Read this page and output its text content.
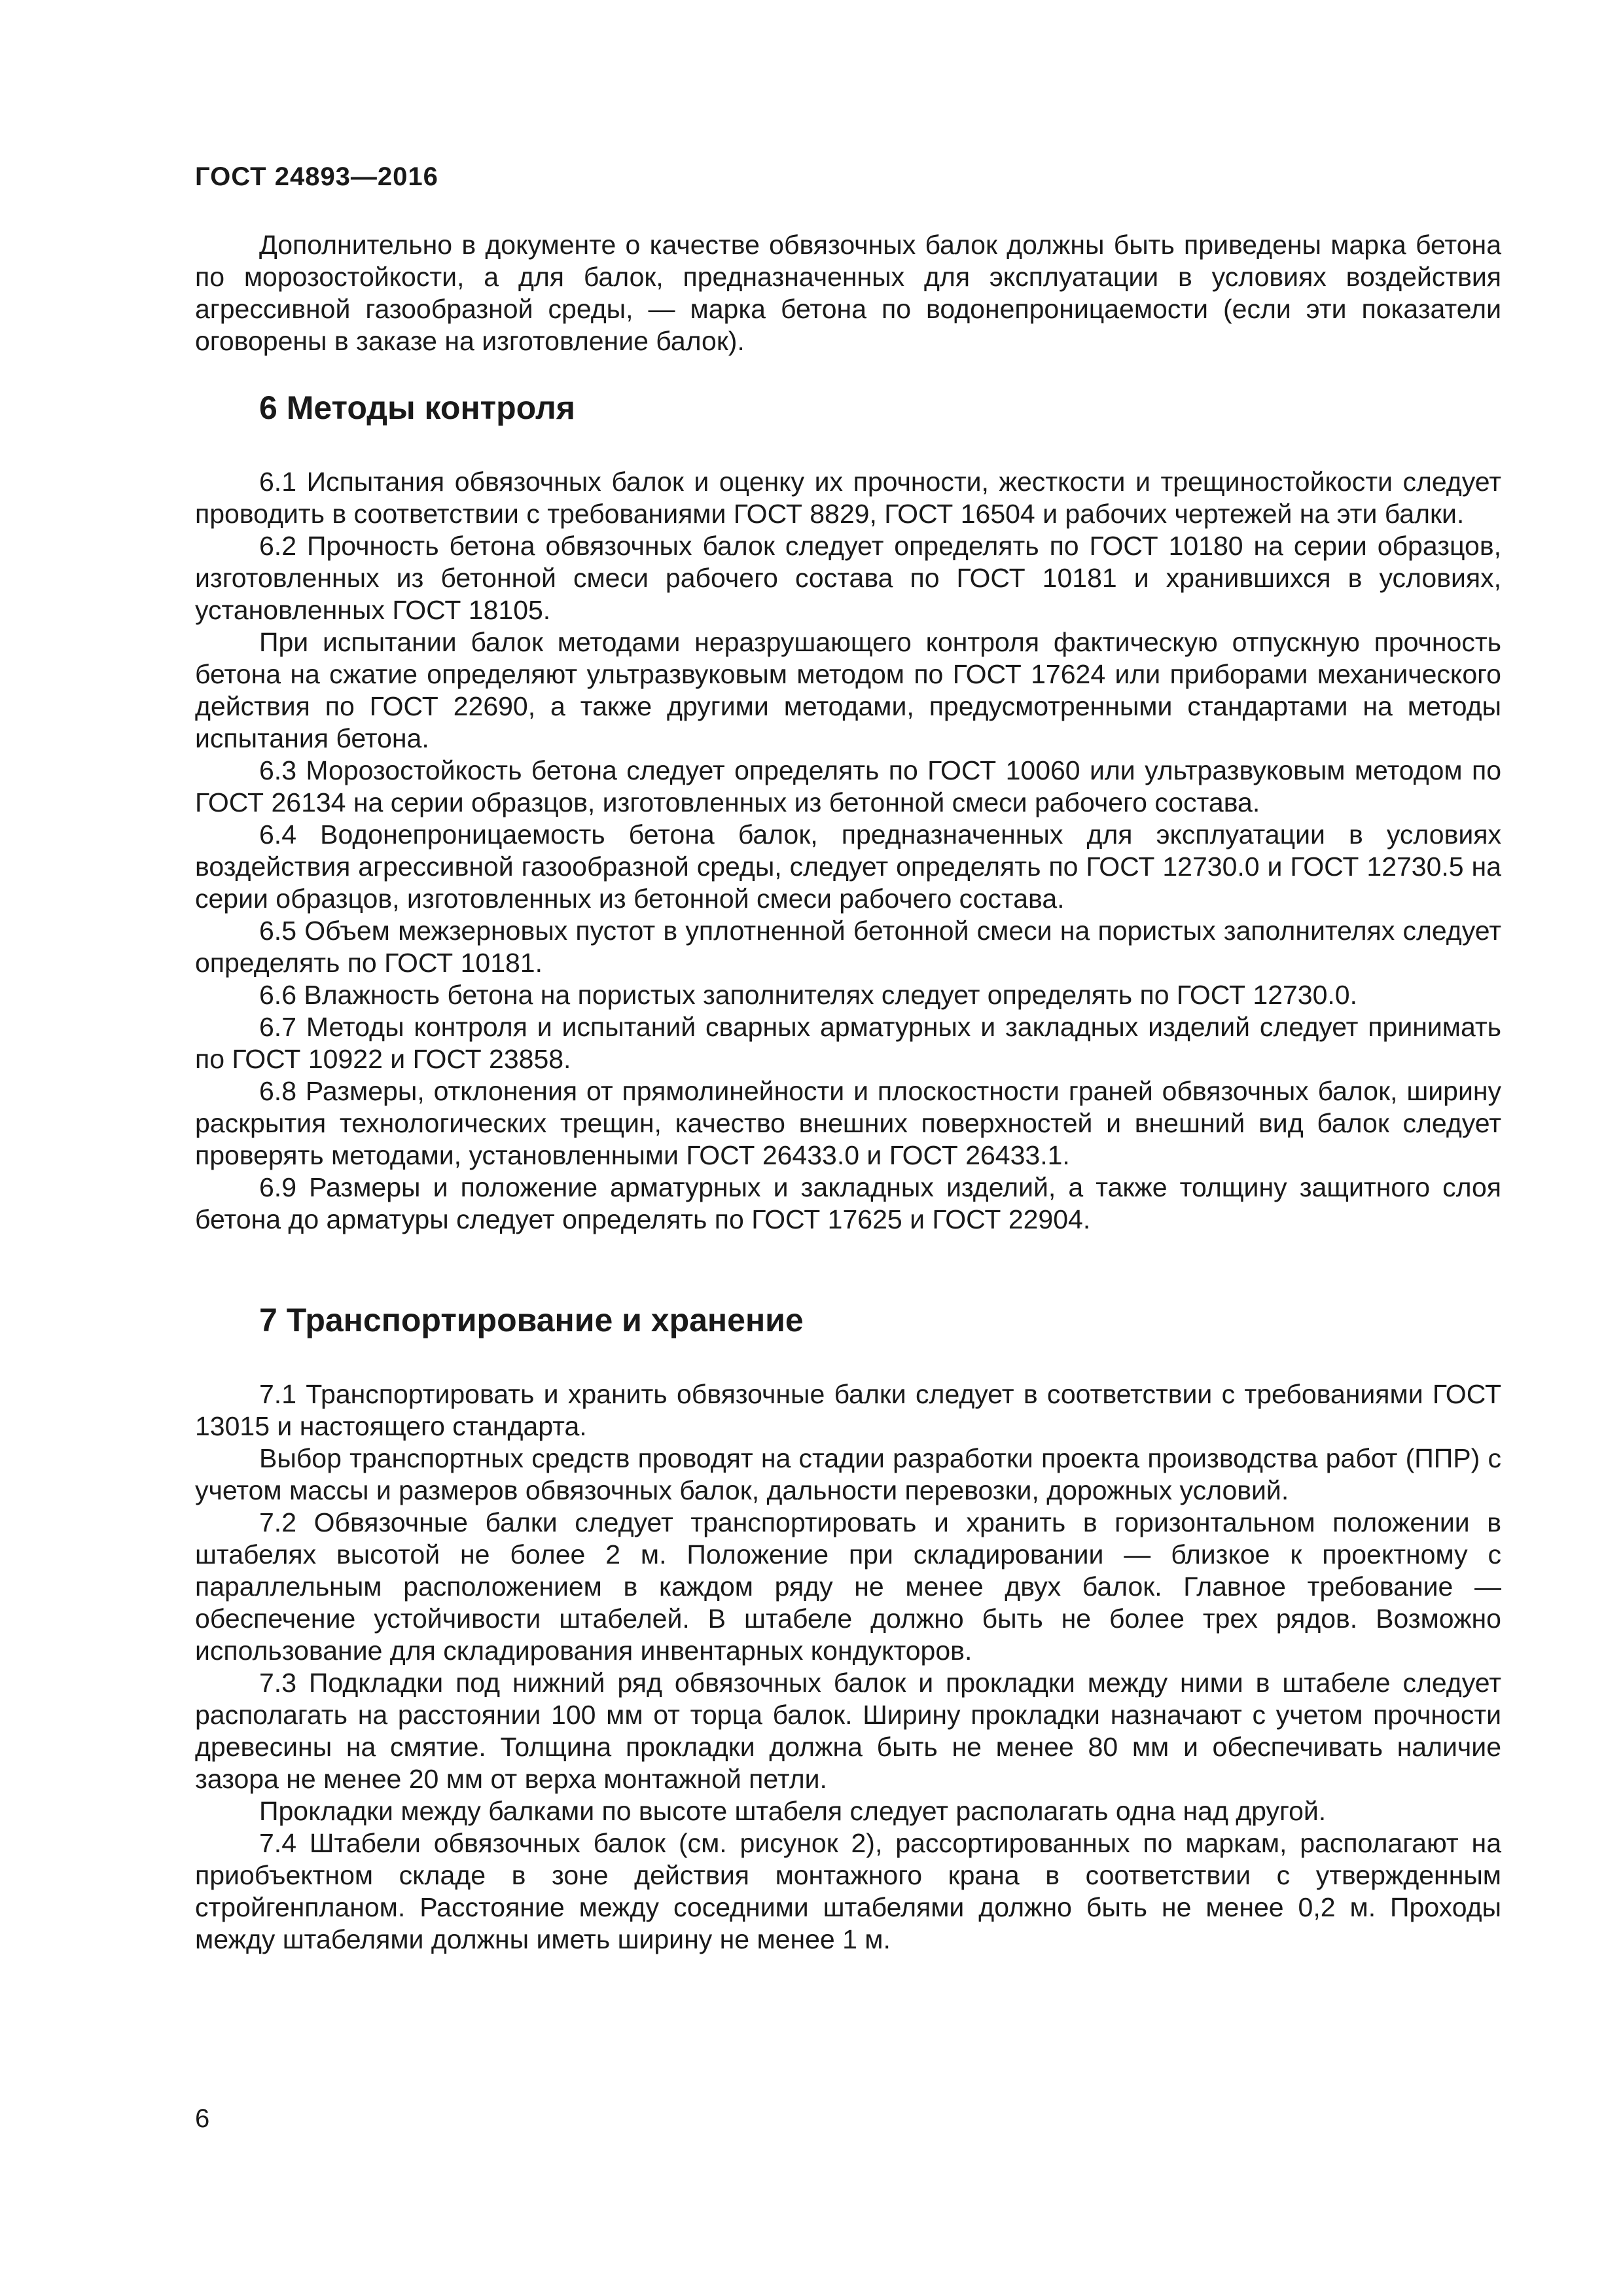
ГОСТ 24893—2016

Дополнительно в документе о качестве обвязочных балок должны быть приведены марка бетона по морозостойкости, а для балок, предназначенных для эксплуатации в условиях воздействия агрессивной газообразной среды, — марка бетона по водонепроницаемости (если эти показатели оговорены в заказе на изготовление балок).

6 Методы контроля

6.1 Испытания обвязочных балок и оценку их прочности, жесткости и трещиностойкости следует проводить в соответствии с требованиями ГОСТ 8829, ГОСТ 16504 и рабочих чертежей на эти балки.

6.2 Прочность бетона обвязочных балок следует определять по ГОСТ 10180 на серии образцов, изготовленных из бетонной смеси рабочего состава по ГОСТ 10181 и хранившихся в условиях, установленных ГОСТ 18105.

При испытании балок методами неразрушающего контроля фактическую отпускную прочность бетона на сжатие определяют ультразвуковым методом по ГОСТ 17624 или приборами механического действия по ГОСТ 22690, а также другими методами, предусмотренными стандартами на методы испытания бетона.

6.3 Морозостойкость бетона следует определять по ГОСТ 10060 или ультразвуковым методом по ГОСТ 26134 на серии образцов, изготовленных из бетонной смеси рабочего состава.

6.4 Водонепроницаемость бетона балок, предназначенных для эксплуатации в условиях воздействия агрессивной газообразной среды, следует определять по ГОСТ 12730.0 и ГОСТ 12730.5 на серии образцов, изготовленных из бетонной смеси рабочего состава.

6.5 Объем межзерновых пустот в уплотненной бетонной смеси на пористых заполнителях следует определять по ГОСТ 10181.

6.6 Влажность бетона на пористых заполнителях следует определять по ГОСТ 12730.0.

6.7 Методы контроля и испытаний сварных арматурных и закладных изделий следует принимать по ГОСТ 10922 и ГОСТ 23858.

6.8 Размеры, отклонения от прямолинейности и плоскостности граней обвязочных балок, ширину раскрытия технологических трещин, качество внешних поверхностей и внешний вид балок следует проверять методами, установленными ГОСТ 26433.0 и ГОСТ 26433.1.

6.9 Размеры и положение арматурных и закладных изделий, а также толщину защитного слоя бетона до арматуры следует определять по ГОСТ 17625 и ГОСТ 22904.

7 Транспортирование и хранение

7.1 Транспортировать и хранить обвязочные балки следует в соответствии с требованиями ГОСТ 13015 и настоящего стандарта.

Выбор транспортных средств проводят на стадии разработки проекта производства работ (ППР) с учетом массы и размеров обвязочных балок, дальности перевозки, дорожных условий.

7.2 Обвязочные балки следует транспортировать и хранить в горизонтальном положении в штабелях высотой не более 2 м. Положение при складировании — близкое к проектному с параллельным расположением в каждом ряду не менее двух балок. Главное требование — обеспечение устойчивости штабелей. В штабеле должно быть не более трех рядов. Возможно использование для складирования инвентарных кондукторов.

7.3 Подкладки под нижний ряд обвязочных балок и прокладки между ними в штабеле следует располагать на расстоянии 100 мм от торца балок. Ширину прокладки назначают с учетом прочности древесины на смятие. Толщина прокладки должна быть не менее 80 мм и обеспечивать наличие зазора не менее 20 мм от верха монтажной петли.

Прокладки между балками по высоте штабеля следует располагать одна над другой.

7.4 Штабели обвязочных балок (см. рисунок 2), рассортированных по маркам, располагают на приобъектном складе в зоне действия монтажного крана в соответствии с утвержденным стройгенпланом. Расстояние между соседними штабелями должно быть не менее 0,2 м. Проходы между штабелями должны иметь ширину не менее 1 м.

6
